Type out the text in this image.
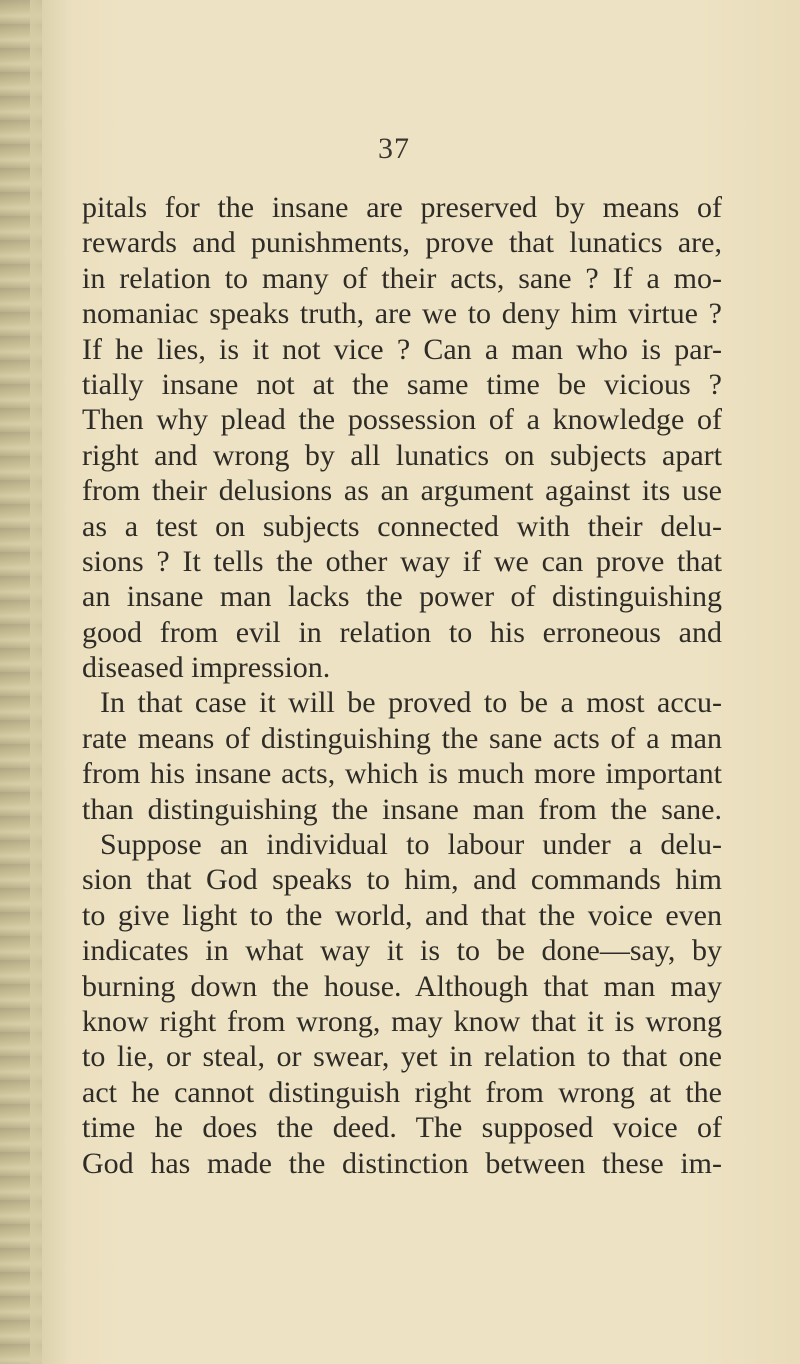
37
pitals for the insane are preserved by means of
rewards and punishments, prove that lunatics are,
in relation to many of their acts, sane ? If a mo-
nomaniac speaks truth, are we to deny him virtue ?
If he lies, is it not vice ? Can a man who is par-
tially insane not at the same time be vicious ?
Then why plead the possession of a knowledge of
right and wrong by all lunatics on subjects apart
from their delusions as an argument against its use
as a test on subjects connected with their delu-
sions ? It tells the other way if we can prove that
an insane man lacks the power of distinguishing
good from evil in relation to his erroneous and
diseased impression.
In that case it will be proved to be a most accu-
rate means of distinguishing the sane acts of a man
from his insane acts, which is much more important
than distinguishing the insane man from the sane.
Suppose an individual to labour under a delu-
sion that God speaks to him, and commands him
to give light to the world, and that the voice even
indicates in what way it is to be done—say, by
burning down the house. Although that man may
know right from wrong, may know that it is wrong
to lie, or steal, or swear, yet in relation to that one
act he cannot distinguish right from wrong at the
time he does the deed. The supposed voice of
God has made the distinction between these im-
